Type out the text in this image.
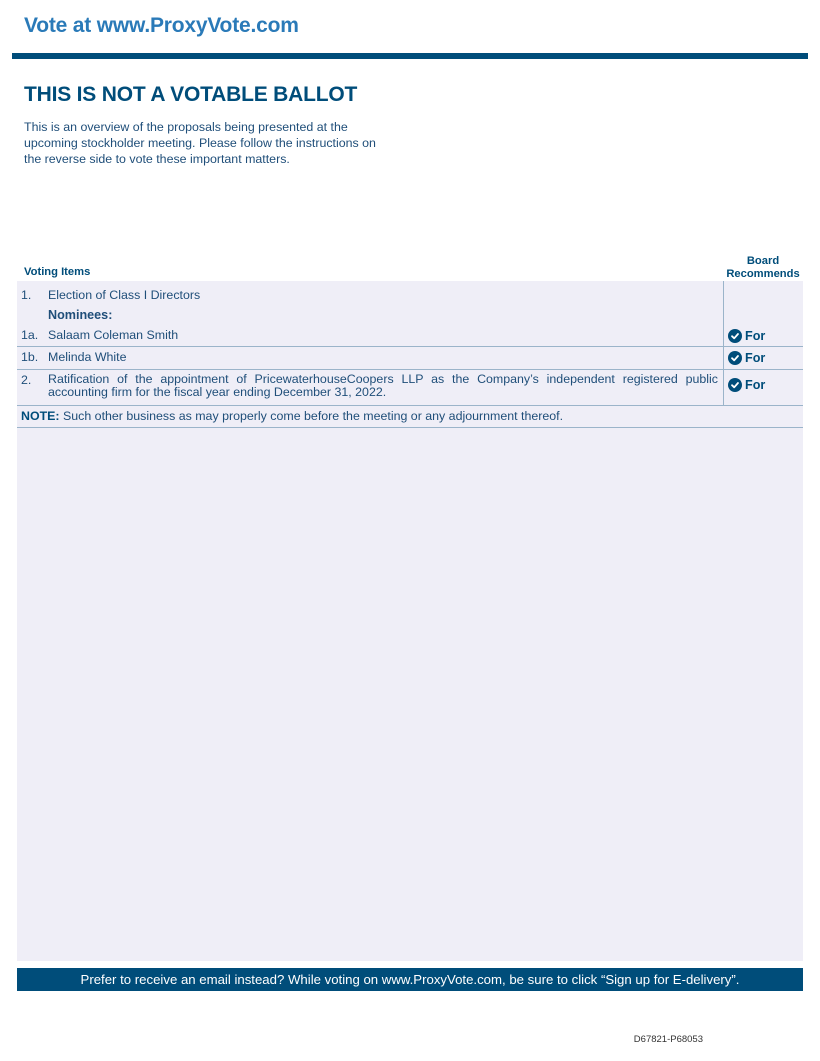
Vote at www.ProxyVote.com
THIS IS NOT A VOTABLE BALLOT
This is an overview of the proposals being presented at the
upcoming stockholder meeting. Please follow the instructions on
the reverse side to vote these important matters.
Voting Items
Board
Recommends
1. Election of Class I Directors
Nominees:
1a. Salaam Coleman Smith	For
1b. Melinda White	For
2. Ratification of the appointment of PricewaterhouseCoopers LLP as the Company’s independent registered public accounting firm for the fiscal year ending December 31, 2022.	For
NOTE: Such other business as may properly come before the meeting or any adjournment thereof.
Prefer to receive an email instead? While voting on www.ProxyVote.com, be sure to click “Sign up for E-delivery”.
D67821-P68053
